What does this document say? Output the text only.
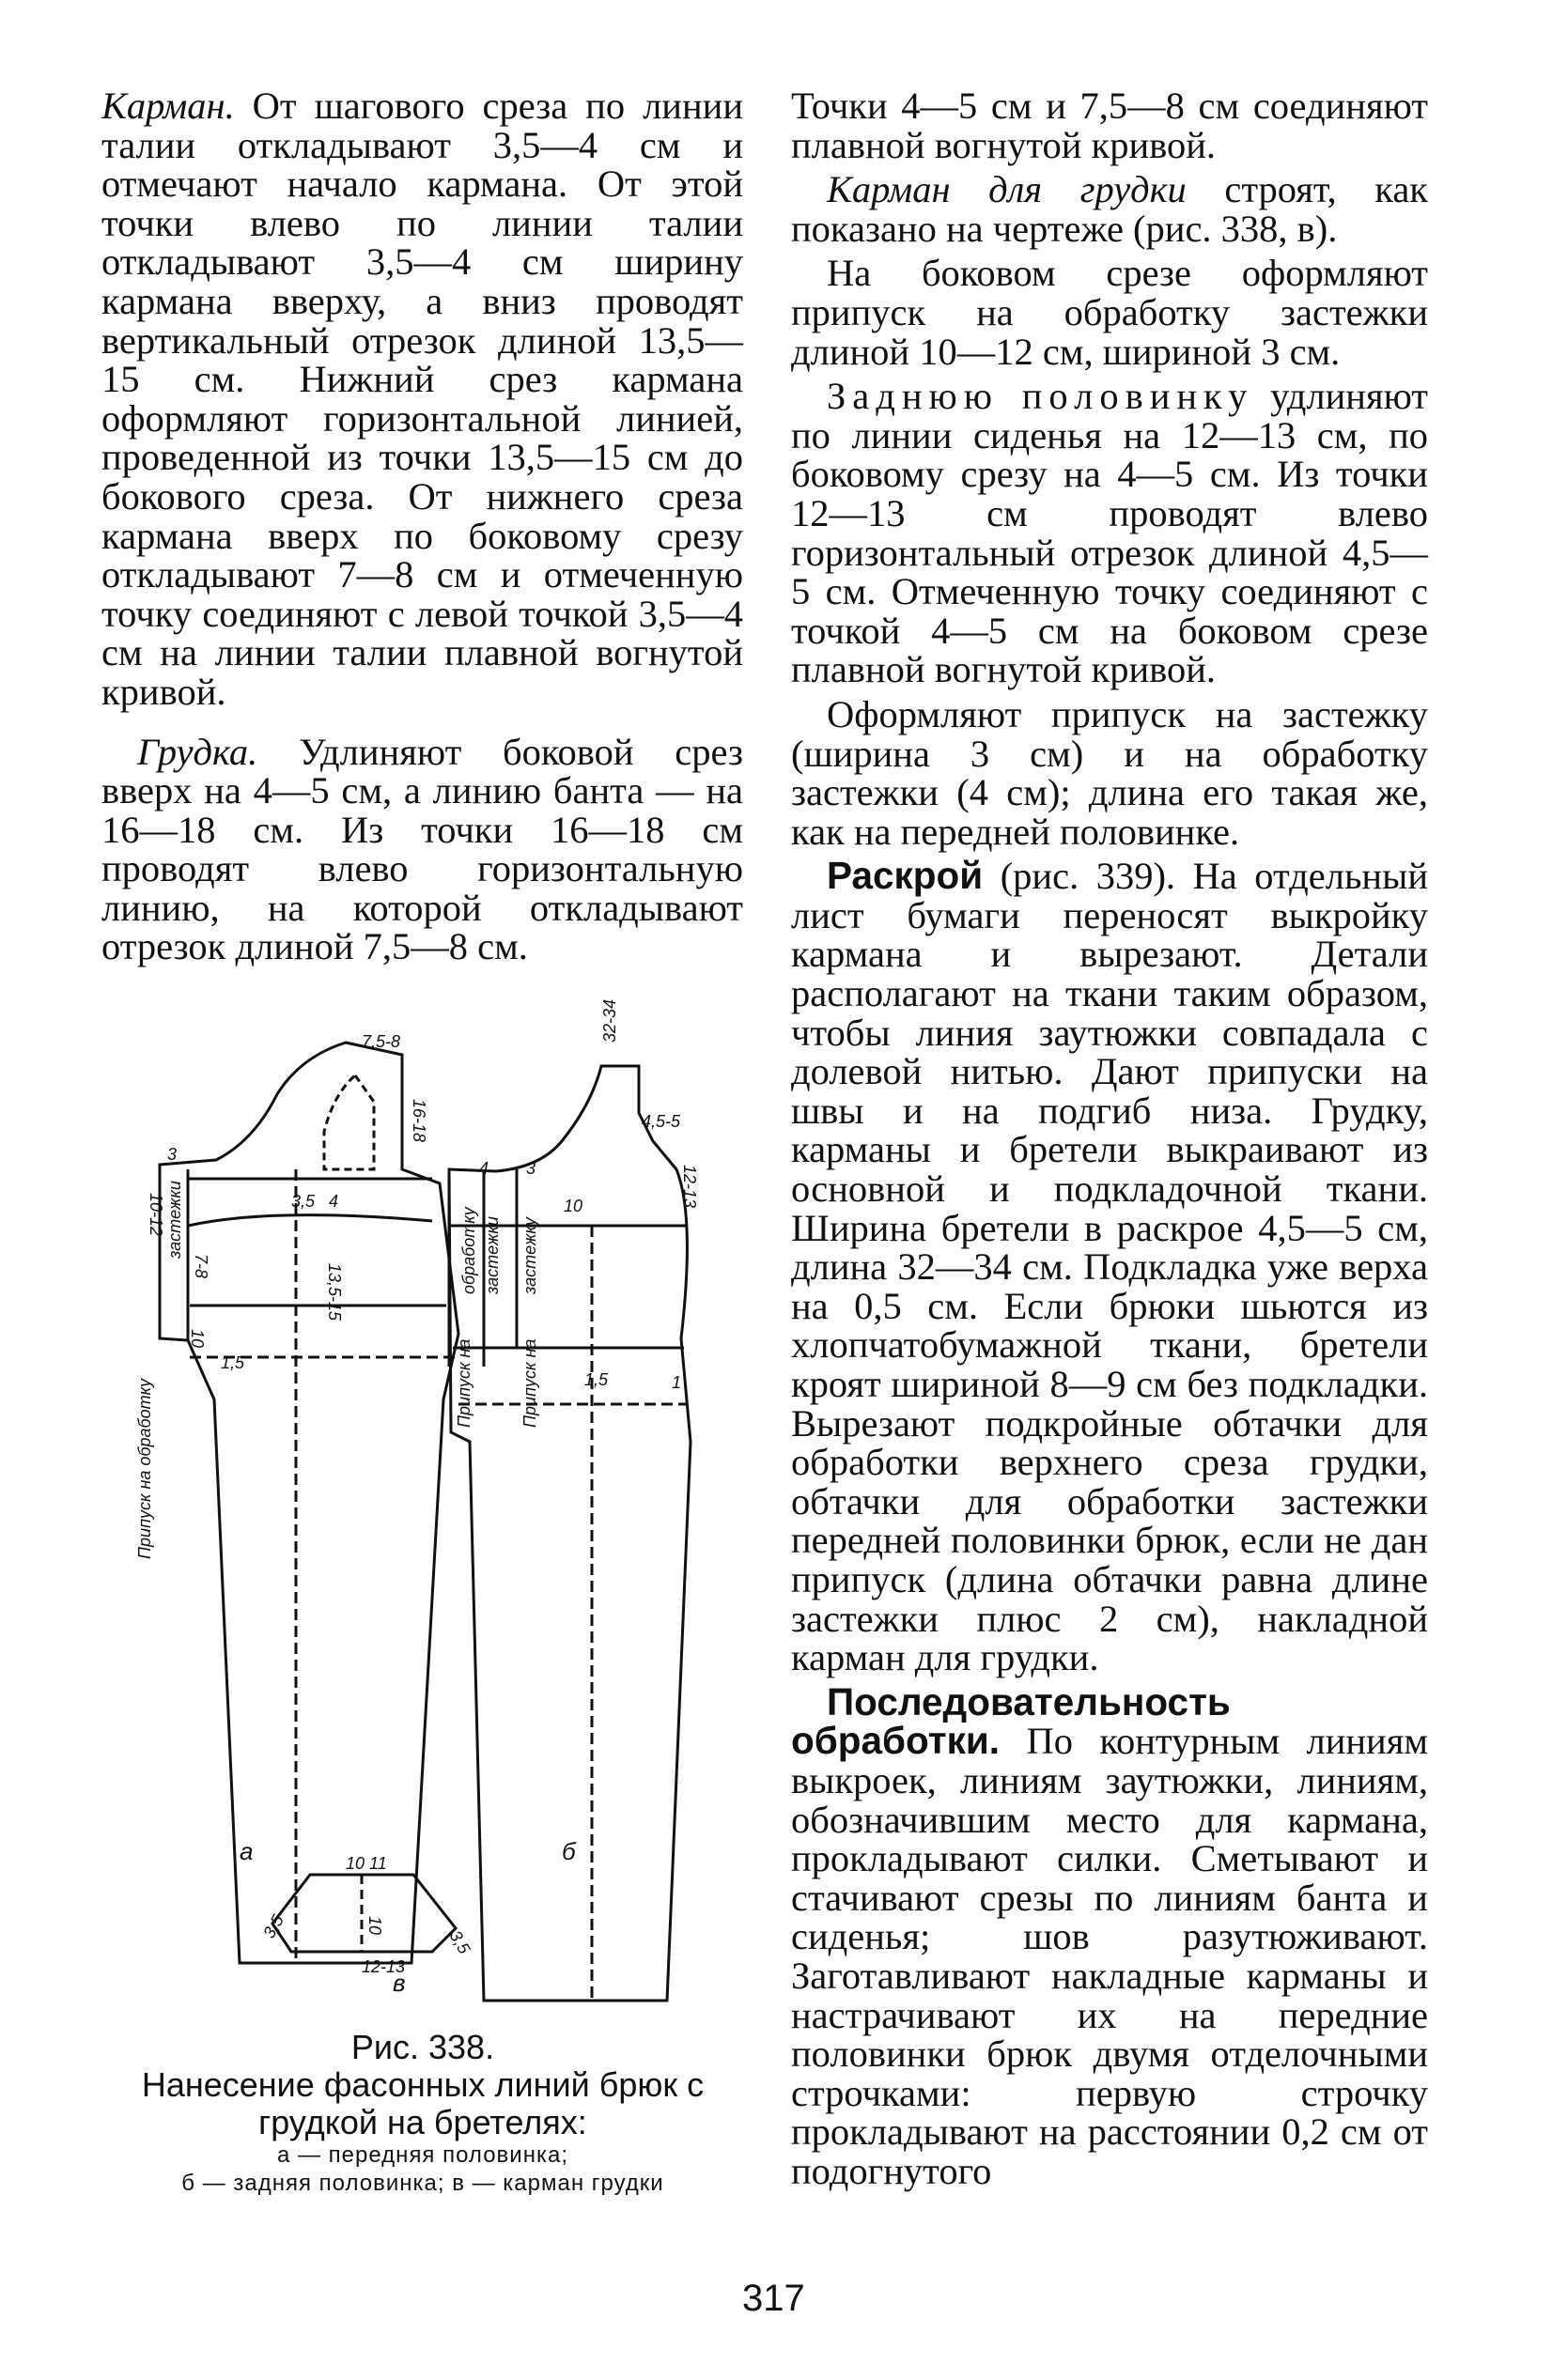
Карман. От шагового среза по линии талии откладывают 3,5—4 см и отмечают начало кармана. От этой точки влево по линии талии откладывают 3,5—4 см ширину кармана вверху, а вниз проводят вертикальный отрезок длиной 13,5—15 см. Нижний срез кармана оформляют горизонтальной линией, проведенной из точки 13,5—15 см до бокового среза. От нижнего среза кармана вверх по боковому срезу откладывают 7—8 см и отмеченную точку соединяют с левой точкой 3,5—4 см на линии талии плавной вогнутой кривой.

Грудка. Удлиняют боковой срез вверх на 4—5 см, а линию банта — на 16—18 см. Из точки 16—18 см проводят влево горизонтальную линию, на которой откладывают отрезок длиной 7,5—8 см.

Точки 4—5 см и 7,5—8 см соединяют плавной вогнутой кривой.

Карман для грудки строят, как показано на чертеже (рис. 338, в).

На боковом срезе оформляют припуск на обработку застежки длиной 10—12 см, шириной 3 см.

Заднюю половинку удлиняют по линии сиденья на 12—13 см, по боковому срезу на 4—5 см. Из точки 12—13 см проводят влево горизонтальный отрезок длиной 4,5—5 см. Отмеченную точку соединяют с точкой 4—5 см на боковом срезе плавной вогнутой кривой.

Оформляют припуск на застежку (ширина 3 см) и на обработку застежки (4 см); длина его такая же, как на передней половинке.

Раскрой (рис. 339). На отдельный лист бумаги переносят выкройку кармана и вырезают. Детали располагают на ткани таким образом, чтобы линия заутюжки совпадала с долевой нитью. Дают припуски на швы и на подгиб низа. Грудку, карманы и бретели выкраивают из основной и подкладочной ткани. Ширина бретели в раскрое 4,5—5 см, длина 32—34 см. Подкладка уже верха на 0,5 см. Если брюки шьются из хлопчатобумажной ткани, бретели кроят шириной 8—9 см без подкладки. Вырезают подкройные обтачки для обработки верхнего среза грудки, обтачки для обработки застежки передней половинки брюк, если не дан припуск (длина обтачки равна длине застежки плюс 2 см), накладной карман для грудки.

Последовательность обработки. По контурным линиям выкроек, линиям заутюжки, линиям, обозначившим место для кармана, прокладывают силки. Сметывают и стачивают срезы по линиям банта и сиденья; шов разутюживают. Заготавливают накладные карманы и настрачивают их на передние половинки брюк двумя отделочными строчками: первую строчку прокладывают на расстоянии 0,2 см от подогнутого

7,5-8
16-18
3
10-12	3,5 4
13,5-15
7-8
1,5
10
застежки
Припуск на обработку
32-34
4,5-5
12-13
4 3
10
обработку застежки застежку
Припуск на	Припуск на	1,5	1
10 11
10
3,5
3,5
12-13
а	б
в
Рис. 338.
Нанесение фасонных линий брюк с грудкой на бретелях:
а — передняя половинка;
б — задняя половинка; в — карман грудки
317
